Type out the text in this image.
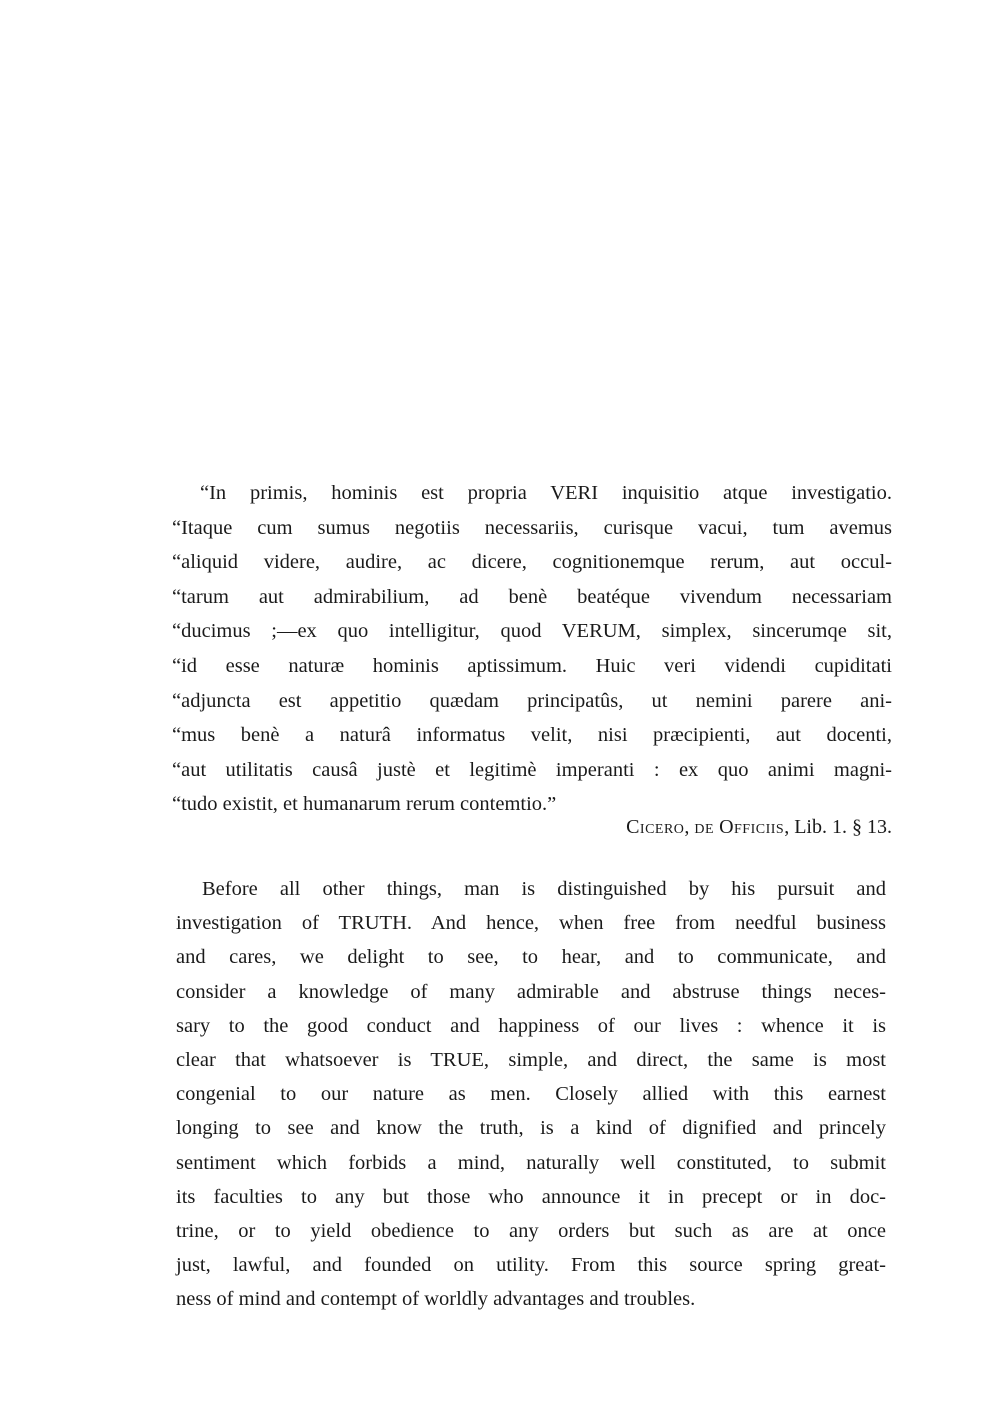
“In primis, hominis est propria VERI inquisitio atque investigatio.
“Itaque cum sumus negotiis necessariis, curisque vacui, tum avemus
“aliquid videre, audire, ac dicere, cognitionemque rerum, aut occul-
“tarum aut admirabilium, ad benè beatéque vivendum necessariam
“ducimus ;—ex quo intelligitur, quod VERUM, simplex, sincerumqe sit,
“id esse naturæ hominis aptissimum. Huic veri videndi cupiditati
“adjuncta est appetitio quædam principatûs, ut nemini parere ani-
“mus benè a naturâ informatus velit, nisi præcipienti, aut docenti,
“aut utilitatis causâ justè et legitimè imperanti : ex quo animi magni-
“tudo existit, et humanarum rerum contemtio.”
Cicero, de Officiis, Lib. 1. § 13.
Before all other things, man is distinguished by his pursuit and
investigation of TRUTH. And hence, when free from needful business
and cares, we delight to see, to hear, and to communicate, and
consider a knowledge of many admirable and abstruse things neces-
sary to the good conduct and happiness of our lives : whence it is
clear that whatsoever is TRUE, simple, and direct, the same is most
congenial to our nature as men. Closely allied with this earnest
longing to see and know the truth, is a kind of dignified and princely
sentiment which forbids a mind, naturally well constituted, to submit
its faculties to any but those who announce it in precept or in doc-
trine, or to yield obedience to any orders but such as are at once
just, lawful, and founded on utility. From this source spring great-
ness of mind and contempt of worldly advantages and troubles.
